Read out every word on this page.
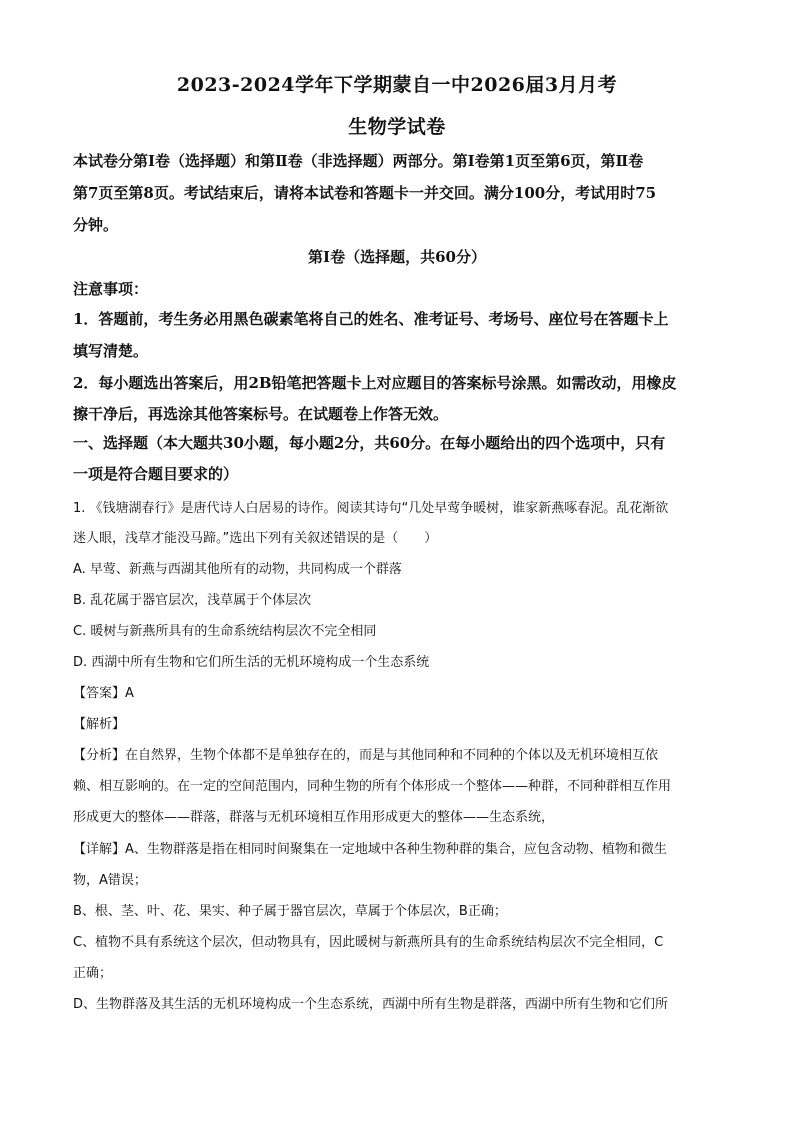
2023-2024学年下学期蒙自一中2026届3月月考
生物学试卷
本试卷分第Ⅰ卷（选择题）和第Ⅱ卷（非选择题）两部分。第Ⅰ卷第1页至第6页，第Ⅱ卷
第7页至第8页。考试结束后，请将本试卷和答题卡一并交回。满分100分，考试用时75
分钟。
第Ⅰ卷（选择题，共60分）
注意事项：
1．答题前，考生务必用黑色碳素笔将自己的姓名、准考证号、考场号、座位号在答题卡上
填写清楚。
2．每小题选出答案后，用2B铅笔把答题卡上对应题目的答案标号涂黑。如需改动，用橡皮
擦干净后，再选涂其他答案标号。在试题卷上作答无效。
一、选择题（本大题共30小题，每小题2分，共60分。在每小题给出的四个选项中，只有
一项是符合题目要求的）
1. 《钱塘湖春行》是唐代诗人白居易的诗作。阅读其诗句“几处早莺争暖树，谁家新燕啄春泥。乱花渐欲
迷人眼，浅草才能没马蹄。”选出下列有关叙述错误的是（　　）
A. 早莺、新燕与西湖其他所有的动物，共同构成一个群落
B. 乱花属于器官层次，浅草属于个体层次
C. 暖树与新燕所具有的生命系统结构层次不完全相同
D. 西湖中所有生物和它们所生活的无机环境构成一个生态系统
【答案】A
【解析】
【分析】在自然界，生物个体都不是单独存在的，而是与其他同种和不同种的个体以及无机环境相互依
赖、相互影响的。在一定的空间范围内，同种生物的所有个体形成一个整体——种群，不同种群相互作用
形成更大的整体——群落，群落与无机环境相互作用形成更大的整体——生态系统，
【详解】A、生物群落是指在相同时间聚集在一定地域中各种生物种群的集合，应包含动物、植物和微生
物，A错误；
B、根、茎、叶、花、果实、种子属于器官层次，草属于个体层次，B正确；
C、植物不具有系统这个层次，但动物具有，因此暖树与新燕所具有的生命系统结构层次不完全相同，C
正确；
D、生物群落及其生活的无机环境构成一个生态系统，西湖中所有生物是群落，西湖中所有生物和它们所
